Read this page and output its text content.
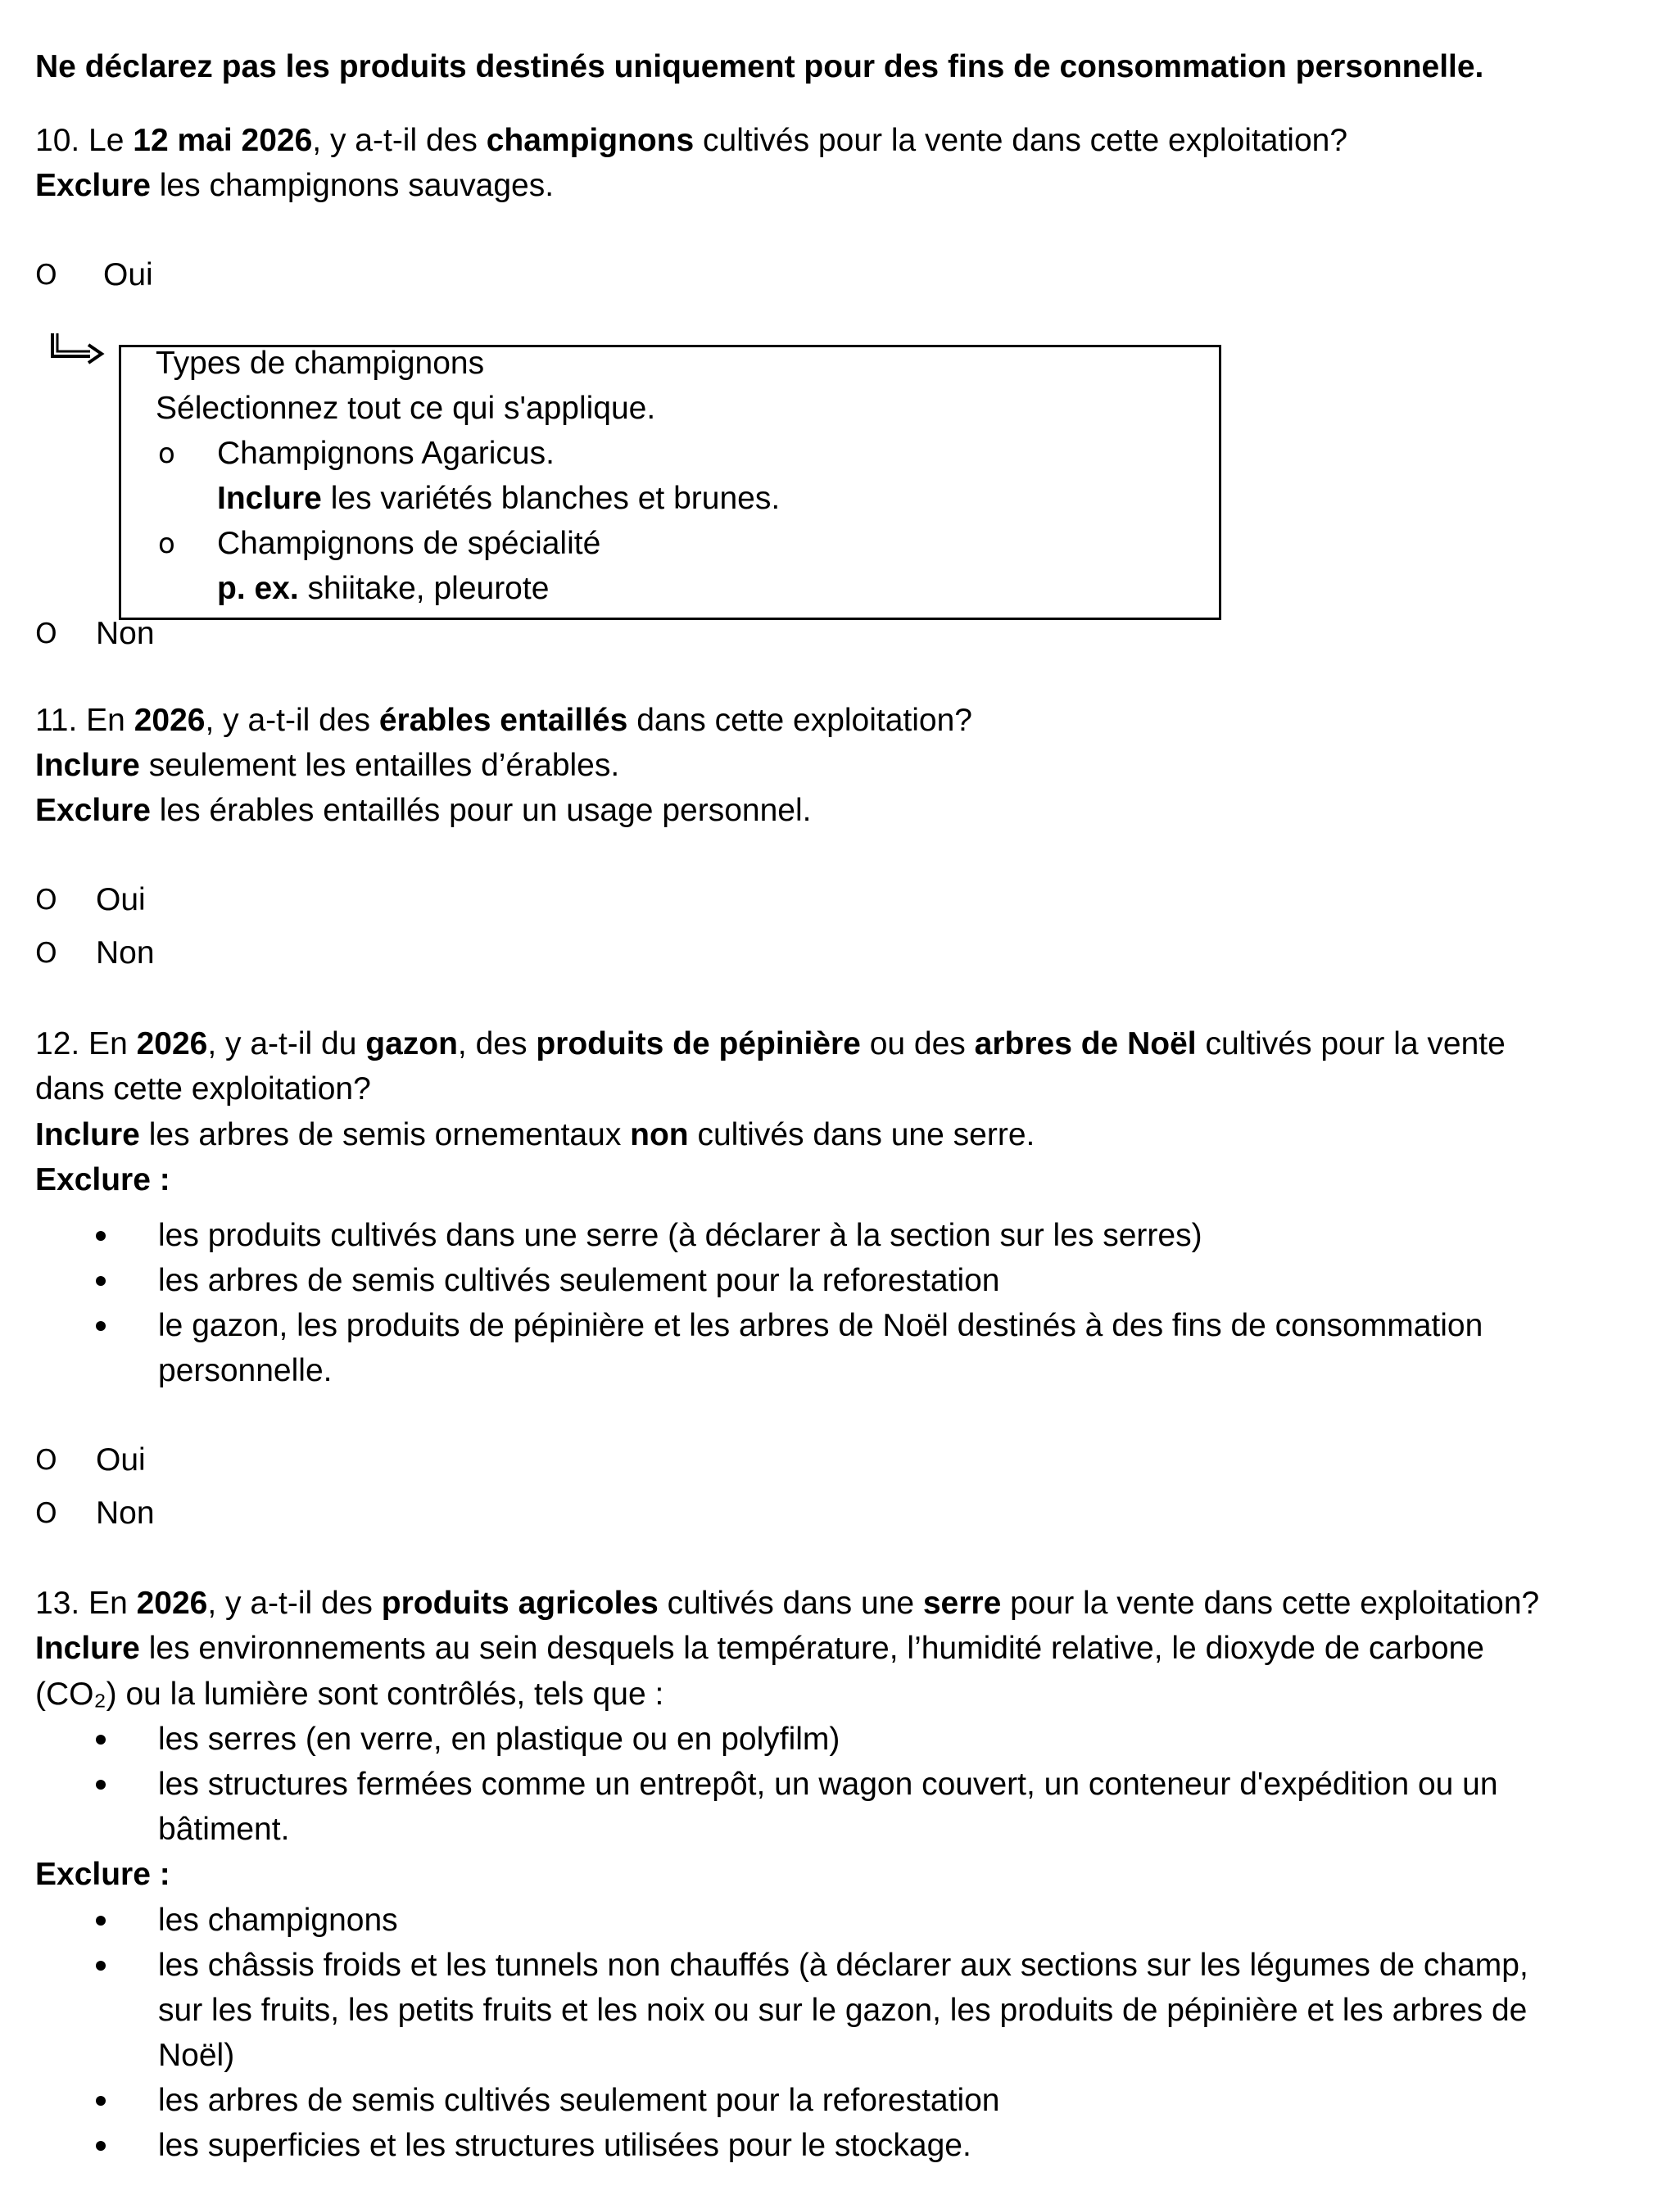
Ne déclarez pas les produits destinés uniquement pour des fins de consommation personnelle.

10. Le 12 mai 2026, y a-t-il des champignons cultivés pour la vente dans cette exploitation?

Exclure les champignons sauvages.

O Oui

Types de champignons

Sélectionnez tout ce qui s'applique.

o Champignons Agaricus.

Inclure les variétés blanches et brunes.

o Champignons de spécialité

p. ex. shiitake, pleurote

O Non

11. En 2026, y a-t-il des érables entaillés dans cette exploitation?

Inclure seulement les entailles d’érables.

Exclure les érables entaillés pour un usage personnel.

O Oui
O Non

12. En 2026, y a-t-il du gazon, des produits de pépinière ou des arbres de Noël cultivés pour la vente

dans cette exploitation?

Inclure les arbres de semis ornementaux non cultivés dans une serre.

Exclure :

les produits cultivés dans une serre (à déclarer à la section sur les serres)

les arbres de semis cultivés seulement pour la reforestation

le gazon, les produits de pépinière et les arbres de Noël destinés à des fins de consommation

personnelle.

O Oui
O Non

13. En 2026, y a-t-il des produits agricoles cultivés dans une serre pour la vente dans cette exploitation?

Inclure les environnements au sein desquels la température, l’humidité relative, le dioxyde de carbone

(CO₂) ou la lumière sont contrôlés, tels que :

les serres (en verre, en plastique ou en polyfilm)

les structures fermées comme un entrepôt, un wagon couvert, un conteneur d'expédition ou un

bâtiment.

Exclure :

les champignons

les châssis froids et les tunnels non chauffés (à déclarer aux sections sur les légumes de champ,

sur les fruits, les petits fruits et les noix ou sur le gazon, les produits de pépinière et les arbres de

Noël)

les arbres de semis cultivés seulement pour la reforestation

les superficies et les structures utilisées pour le stockage.
